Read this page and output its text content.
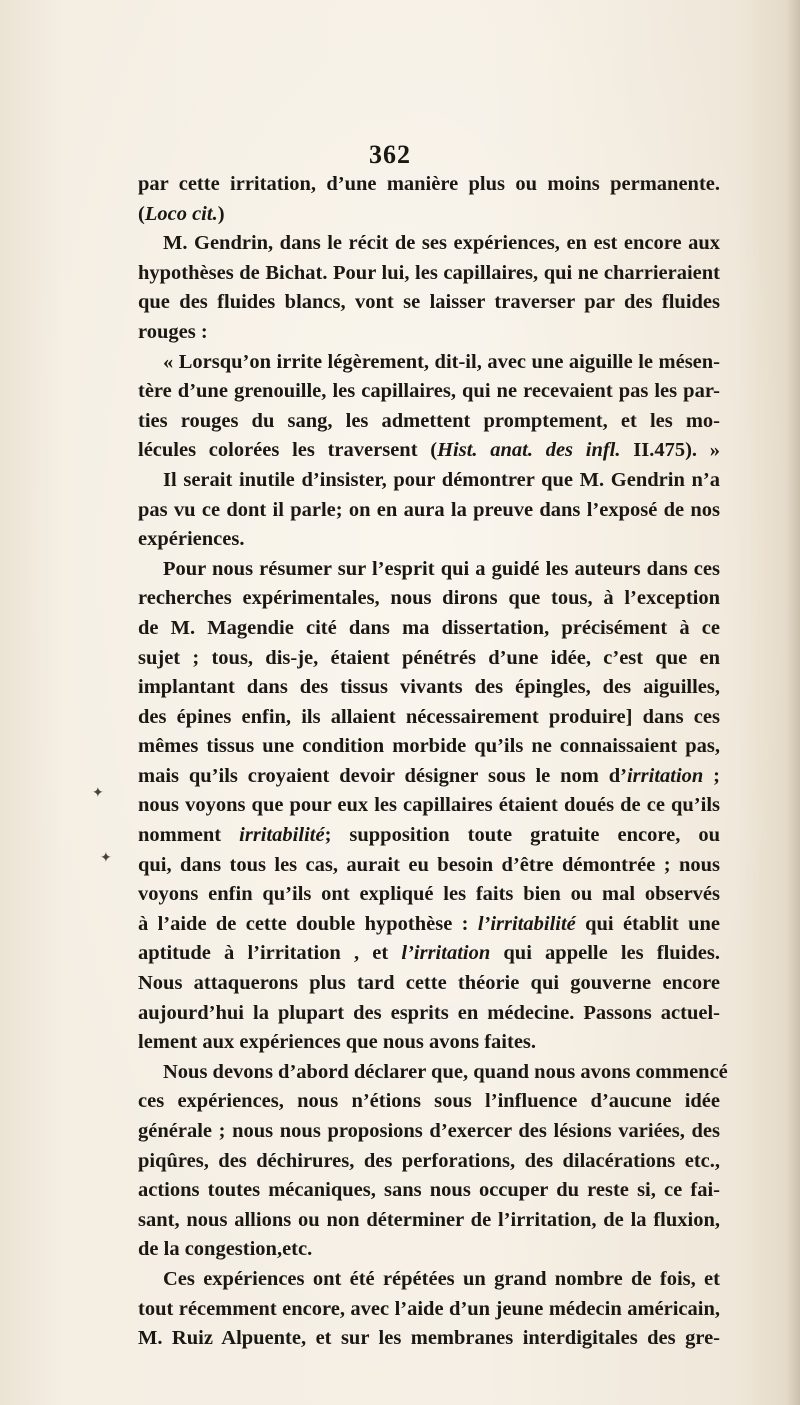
362
par cette irritation, d’une manière plus ou moins permanente.
(Loco cit.)
M. Gendrin, dans le récit de ses expériences, en est encore aux
hypothèses de Bichat. Pour lui, les capillaires, qui ne charrieraient
que des fluides blancs, vont se laisser traverser par des fluides
rouges :
« Lorsqu’on irrite légèrement, dit-il, avec une aiguille le mésen-
tère d’une grenouille, les capillaires, qui ne recevaient pas les par-
ties rouges du sang, les admettent promptement, et les mo-
lécules colorées les traversent (Hist. anat. des infl. II.475). »
Il serait inutile d’insister, pour démontrer que M. Gendrin n’a
pas vu ce dont il parle; on en aura la preuve dans l’exposé de nos
expériences.
Pour nous résumer sur l’esprit qui a guidé les auteurs dans ces
recherches expérimentales, nous dirons que tous, à l’exception
de M. Magendie cité dans ma dissertation, précisément à ce
sujet ; tous, dis-je, étaient pénétrés d’une idée, c’est que en
implantant dans des tissus vivants des épingles, des aiguilles,
des épines enfin, ils allaient nécessairement produire] dans ces
mêmes tissus une condition morbide qu’ils ne connaissaient pas,
mais qu’ils croyaient devoir désigner sous le nom d’irritation ;
nous voyons que pour eux les capillaires étaient doués de ce qu’ils
nomment irritabilité; supposition toute gratuite encore, ou
qui, dans tous les cas, aurait eu besoin d’être démontrée ; nous
voyons enfin qu’ils ont expliqué les faits bien ou mal observés
à l’aide de cette double hypothèse : l’irritabilité qui établit une
aptitude à l’irritation , et l’irritation qui appelle les fluides.
Nous attaquerons plus tard cette théorie qui gouverne encore
aujourd’hui la plupart des esprits en médecine. Passons actuel-
lement aux expériences que nous avons faites.
Nous devons d’abord déclarer que, quand nous avons commencé
ces expériences, nous n’étions sous l’influence d’aucune idée
générale ; nous nous proposions d’exercer des lésions variées, des
piqûres, des déchirures, des perforations, des dilacérations etc.,
actions toutes mécaniques, sans nous occuper du reste si, ce fai-
sant, nous allions ou non déterminer de l’irritation, de la fluxion,
de la congestion,etc.
Ces expériences ont été répétées un grand nombre de fois, et
tout récemment encore, avec l’aide d’un jeune médecin américain,
M. Ruiz Alpuente, et sur les membranes interdigitales des gre-
✦
✦
